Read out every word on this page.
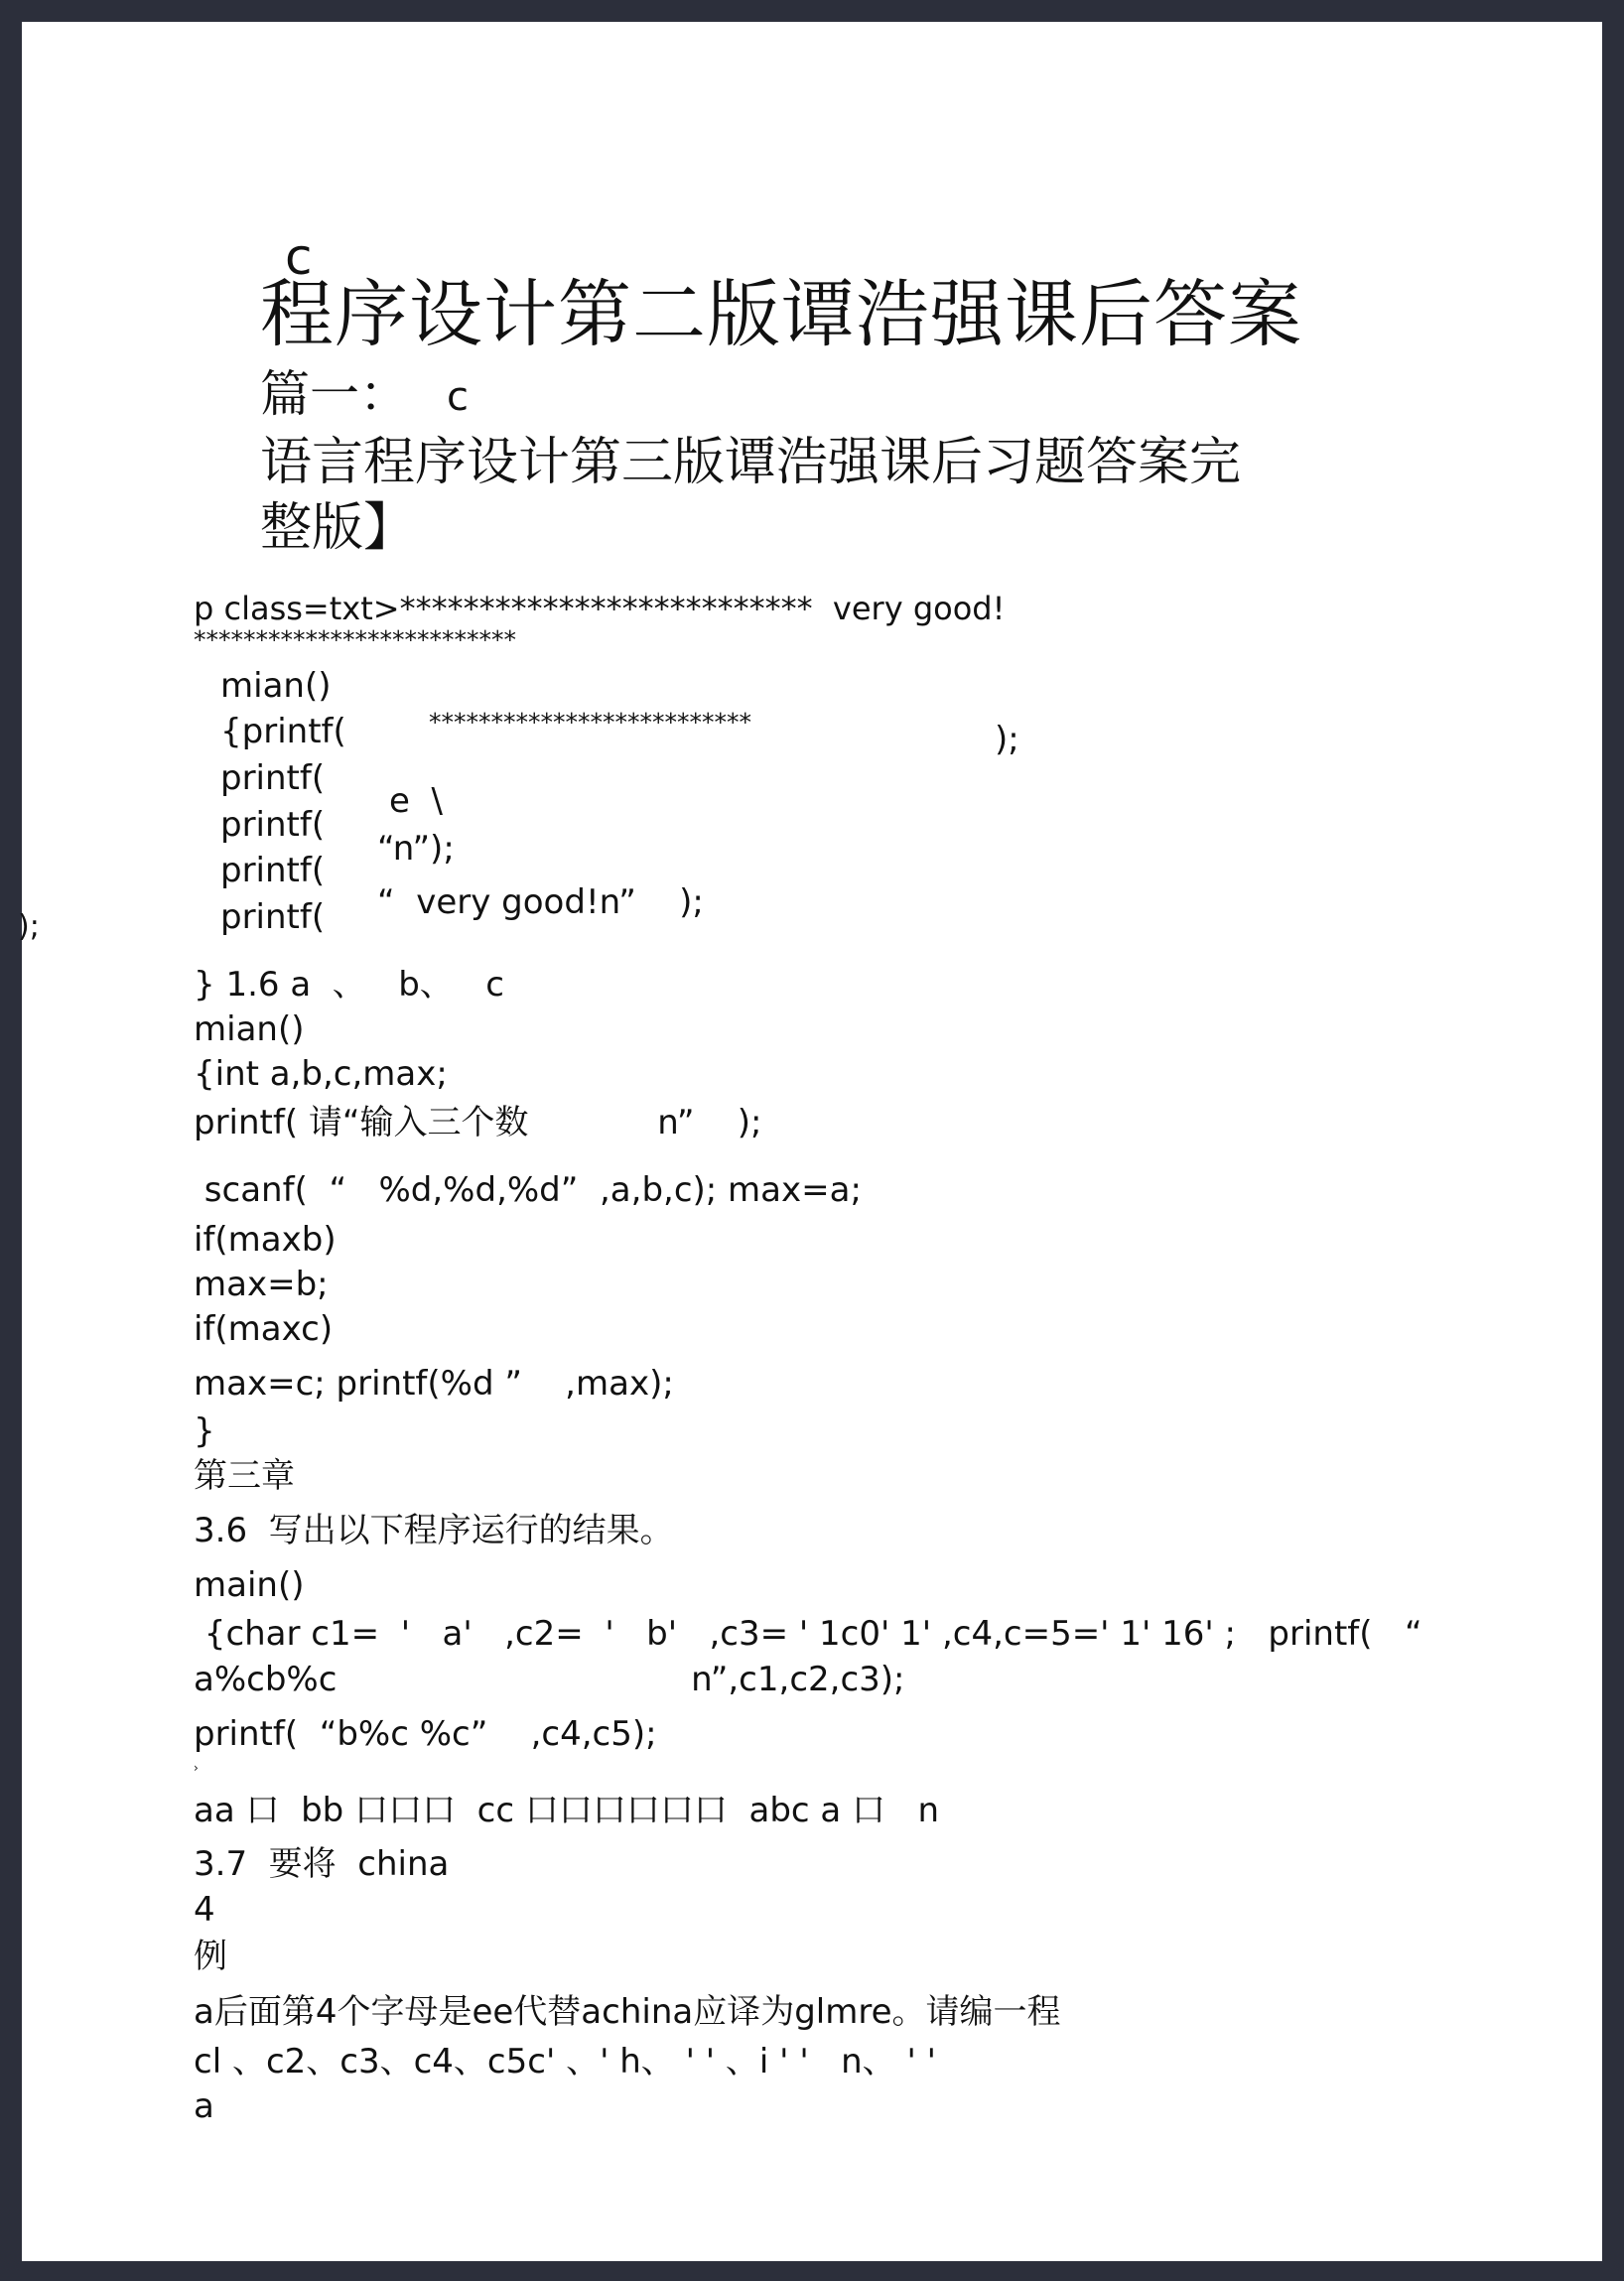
c
程序设计第二版谭浩强课后答案
篇一： c
语言程序设计第三版谭浩强课后习题答案完
整版】
p class=txt>**************************  very good!
**************************
mian()
{printf(	**************************	);
printf(
e  \
printf(
“n”);
printf(
printf( “  very good!n”    );
);
} 1.6 a  、   b、   c
mian()
{int a,b,c,max;
printf( 请“输入三个数            n”    );
scanf(  “   %d,%d,%d”  ,a,b,c); max=a;
if(maxb)
max=b;
if(maxc)
max=c; printf(%d ”    ,max);
}
第三章
3.6  写出以下程序运行的结果。
main()
{char c1=  '   a'   ,c2=  '   b'   ,c3= ' 1c0' 1' ,c4,c=5=' 1' 16' ;   printf(   “
a%cb%c                                 n”,c1,c2,c3);
printf(  “b%c %c”    ,c4,c5);
›
aa 口  bb 口口口  cc 口口口口口口  abc a 口   n
3.7  要将  china
4
例
a后面第4个字母是ee代替achina应译为glmre。请编一程
cl 、c2、c3、c4、c5c' 、' h、 ' ' 、i ' '   n、 ' '
a
